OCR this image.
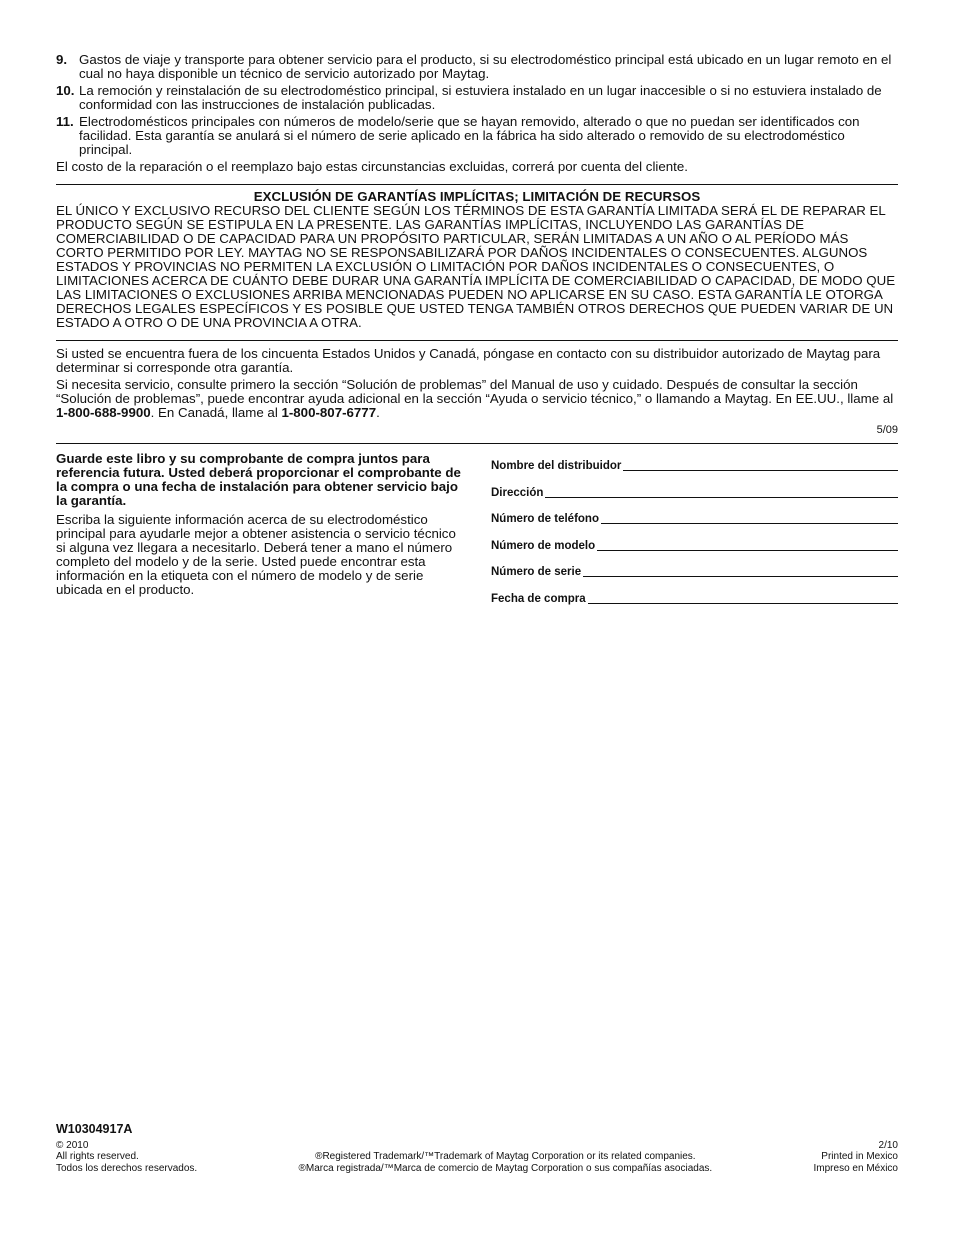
9. Gastos de viaje y transporte para obtener servicio para el producto, si su electrodoméstico principal está ubicado en un lugar remoto en el cual no haya disponible un técnico de servicio autorizado por Maytag.
10. La remoción y reinstalación de su electrodoméstico principal, si estuviera instalado en un lugar inaccesible o si no estuviera instalado de conformidad con las instrucciones de instalación publicadas.
11. Electrodomésticos principales con números de modelo/serie que se hayan removido, alterado o que no puedan ser identificados con facilidad. Esta garantía se anulará si el número de serie aplicado en la fábrica ha sido alterado o removido de su electrodoméstico principal.

El costo de la reparación o el reemplazo bajo estas circunstancias excluidas, correrá por cuenta del cliente.

EXCLUSIÓN DE GARANTÍAS IMPLÍCITAS; LIMITACIÓN DE RECURSOS
EL ÚNICO Y EXCLUSIVO RECURSO DEL CLIENTE SEGÚN LOS TÉRMINOS DE ESTA GARANTÍA LIMITADA SERÁ EL DE REPARAR EL PRODUCTO SEGÚN SE ESTIPULA EN LA PRESENTE. LAS GARANTÍAS IMPLÍCITAS, INCLUYENDO LAS GARANTÍAS DE COMERCIABILIDAD O DE CAPACIDAD PARA UN PROPÓSITO PARTICULAR, SERÁN LIMITADAS A UN AÑO O AL PERÍODO MÁS CORTO PERMITIDO POR LEY. MAYTAG NO SE RESPONSABILIZARÁ POR DAÑOS INCIDENTALES O CONSECUENTES. ALGUNOS ESTADOS Y PROVINCIAS NO PERMITEN LA EXCLUSIÓN O LIMITACIÓN POR DAÑOS INCIDENTALES O CONSECUENTES, O LIMITACIONES ACERCA DE CUÁNTO DEBE DURAR UNA GARANTÍA IMPLÍCITA DE COMERCIABILIDAD O CAPACIDAD, DE MODO QUE LAS LIMITACIONES O EXCLUSIONES ARRIBA MENCIONADAS PUEDEN NO APLICARSE EN SU CASO. ESTA GARANTÍA LE OTORGA DERECHOS LEGALES ESPECÍFICOS Y ES POSIBLE QUE USTED TENGA TAMBIÉN OTROS DERECHOS QUE PUEDEN VARIAR DE UN ESTADO A OTRO O DE UNA PROVINCIA A OTRA.

Si usted se encuentra fuera de los cincuenta Estados Unidos y Canadá, póngase en contacto con su distribuidor autorizado de Maytag para determinar si corresponde otra garantía.

Si necesita servicio, consulte primero la sección “Solución de problemas” del Manual de uso y cuidado. Después de consultar la sección “Solución de problemas”, puede encontrar ayuda adicional en la sección “Ayuda o servicio técnico,” o llamando a Maytag. En EE.UU., llame al 1-800-688-9900. En Canadá, llame al 1-800-807-6777.

5/09
Guarde este libro y su comprobante de compra juntos para referencia futura. Usted deberá proporcionar el comprobante de la compra o una fecha de instalación para obtener servicio bajo la garantía.
Escriba la siguiente información acerca de su electrodoméstico principal para ayudarle mejor a obtener asistencia o servicio técnico si alguna vez llegara a necesitarlo. Deberá tener a mano el número completo del modelo y de la serie. Usted puede encontrar esta información en la etiqueta con el número de modelo y de serie ubicada en el producto.
Nombre del distribuidor
Dirección
Número de teléfono
Número de modelo
Número de serie
Fecha de compra
W10304917A
© 2010
All rights reserved.
Todos los derechos reservados.
®Registered Trademark/™Trademark of Maytag Corporation or its related companies.
®Marca registrada/™Marca de comercio de Maytag Corporation o sus compañías asociadas.
2/10
Printed in Mexico
Impreso en México
